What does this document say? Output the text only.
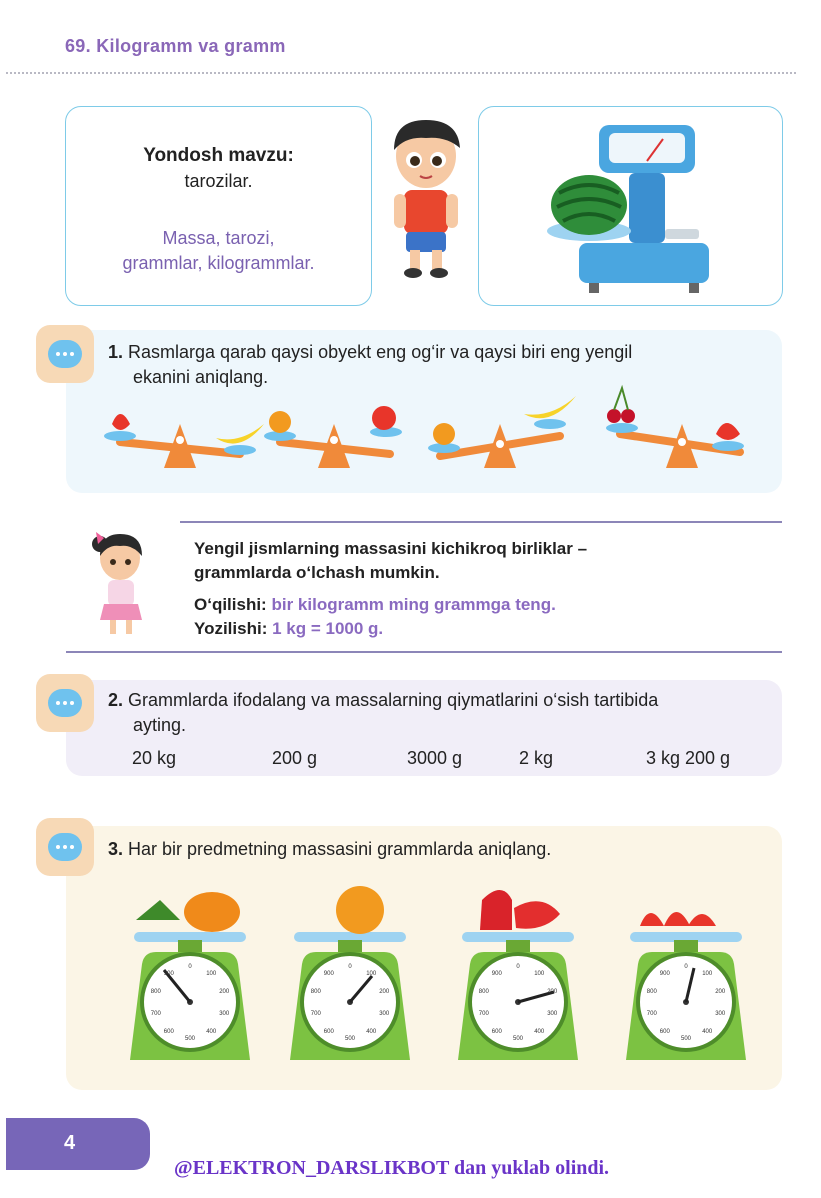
69. Kilogramm va gramm
Yondosh mavzu:
tarozilar.
Massa, tarozi,
grammlar, kilogrammlar.
1. Rasmlarga qarab qaysi obyekt eng og‘ir va qaysi biri eng yengil
ekanini aniqlang.
Yengil jismlarning massasini kichikroq birliklar –
grammlarda o‘lchash mumkin.
O‘qilishi: bir kilogramm ming grammga teng.
Yozilishi: 1 kg = 1000 g.
2. Grammlarda ifodalang va massalarning qiymatlarini o‘sish tartibida
ayting.
20 kg	200 g	3000 g	2 kg	3 kg 200 g
3. Har bir predmetning massasini grammlarda aniqlang.
0
100
200
300
400
500
600
700
800
900
0
100
200
300
400
500
600
700
800
900
0
100
200
300
400
500
600
700
800
900
0
100
200
300
400
500
600
700
800
900
4
@ELEKTRON_DARSLIKBOT dan yuklab olindi.
